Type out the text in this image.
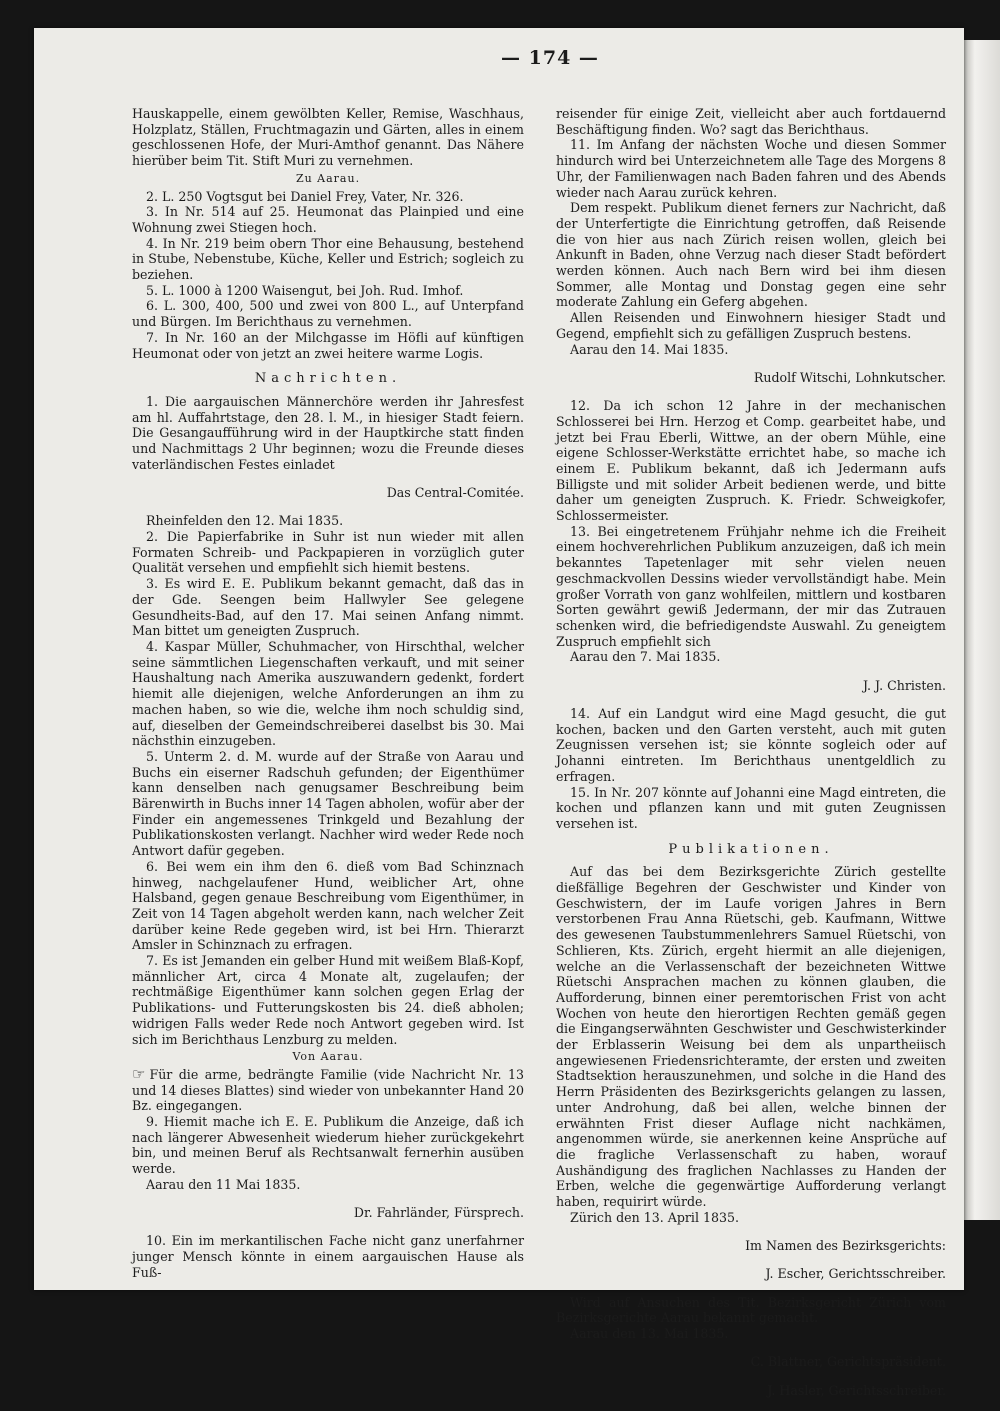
— 174 —

Hauskappelle, einem gewölbten Keller, Remise, Waschhaus, Holzplatz, Ställen, Fruchtmagazin und Gärten, alles in einem geschlossenen Hofe, der Muri-Amthof genannt. Das Nähere hierüber beim Tit. Stift Muri zu vernehmen.

Zu Aarau.

2. L. 250 Vogtsgut bei Daniel Frey, Vater, Nr. 326.

3. In Nr. 514 auf 25. Heumonat das Plainpied und eine Wohnung zwei Stiegen hoch.

4. In Nr. 219 beim obern Thor eine Behausung, bestehend in Stube, Nebenstube, Küche, Keller und Estrich; sogleich zu beziehen.

5. L. 1000 à 1200 Waisengut, bei Joh. Rud. Imhof.

6. L. 300, 400, 500 und zwei von 800 L., auf Unterpfand und Bürgen. Im Berichthaus zu vernehmen.

7. In Nr. 160 an der Milchgasse im Höfli auf künftigen Heumonat oder von jetzt an zwei heitere warme Logis.

Nachrichten.

1. Die aargauischen Männerchöre werden ihr Jahresfest am hl. Auffahrtstage, den 28. l. M., in hiesiger Stadt feiern. Die Gesangaufführung wird in der Hauptkirche statt finden und Nachmittags 2 Uhr beginnen; wozu die Freunde dieses vaterländischen Festes einladet

Das Central-Comitée.

Rheinfelden den 12. Mai 1835.

2. Die Papierfabrike in Suhr ist nun wieder mit allen Formaten Schreib- und Packpapieren in vorzüglich guter Qualität versehen und empfiehlt sich hiemit bestens.

3. Es wird E. E. Publikum bekannt gemacht, daß das in der Gde. Seengen beim Hallwyler See gelegene Gesundheits-Bad, auf den 17. Mai seinen Anfang nimmt. Man bittet um geneigten Zuspruch.

4. Kaspar Müller, Schuhmacher, von Hirschthal, welcher seine sämmtlichen Liegenschaften verkauft, und mit seiner Haushaltung nach Amerika auszuwandern gedenkt, fordert hiemit alle diejenigen, welche Anforderungen an ihm zu machen haben, so wie die, welche ihm noch schuldig sind, auf, dieselben der Gemeindschreiberei daselbst bis 30. Mai nächsthin einzugeben.

5. Unterm 2. d. M. wurde auf der Straße von Aarau und Buchs ein eiserner Radschuh gefunden; der Eigenthümer kann denselben nach genugsamer Beschreibung beim Bärenwirth in Buchs inner 14 Tagen abholen, wofür aber der Finder ein angemessenes Trinkgeld und Bezahlung der Publikationskosten verlangt. Nachher wird weder Rede noch Antwort dafür gegeben.

6. Bei wem ein ihm den 6. dieß vom Bad Schinznach hinweg, nachgelaufener Hund, weiblicher Art, ohne Halsband, gegen genaue Beschreibung vom Eigenthümer, in Zeit von 14 Tagen abgeholt werden kann, nach welcher Zeit darüber keine Rede gegeben wird, ist bei Hrn. Thierarzt Amsler in Schinznach zu erfragen.

7. Es ist Jemanden ein gelber Hund mit weißem Blaß-Kopf, männlicher Art, circa 4 Monate alt, zugelaufen; der rechtmäßige Eigenthümer kann solchen gegen Erlag der Publikations- und Futterungskosten bis 24. dieß abholen; widrigen Falls weder Rede noch Antwort gegeben wird. Ist sich im Berichthaus Lenzburg zu melden.

Von Aarau.

☞ Für die arme, bedrängte Familie (vide Nachricht Nr. 13 und 14 dieses Blattes) sind wieder von unbekannter Hand 20 Bz. eingegangen.

9. Hiemit mache ich E. E. Publikum die Anzeige, daß ich nach längerer Abwesenheit wiederum hieher zurückgekehrt bin, und meinen Beruf als Rechtsanwalt fernerhin ausüben werde.

Aarau den 11 Mai 1835.

Dr. Fahrländer, Fürsprech.

10. Ein im merkantilischen Fache nicht ganz unerfahrner junger Mensch könnte in einem aargauischen Hause als Fuß-

reisender für einige Zeit, vielleicht aber auch fortdauernd Beschäftigung finden. Wo? sagt das Berichthaus.

11. Im Anfang der nächsten Woche und diesen Sommer hindurch wird bei Unterzeichnetem alle Tage des Morgens 8 Uhr, der Familienwagen nach Baden fahren und des Abends wieder nach Aarau zurück kehren.

Dem respekt. Publikum dienet ferners zur Nachricht, daß der Unterfertigte die Einrichtung getroffen, daß Reisende die von hier aus nach Zürich reisen wollen, gleich bei Ankunft in Baden, ohne Verzug nach dieser Stadt befördert werden können. Auch nach Bern wird bei ihm diesen Sommer, alle Montag und Donstag gegen eine sehr moderate Zahlung ein Geferg abgehen.

Allen Reisenden und Einwohnern hiesiger Stadt und Gegend, empfiehlt sich zu gefälligen Zuspruch bestens.

Aarau den 14. Mai 1835.

Rudolf Witschi, Lohnkutscher.

12. Da ich schon 12 Jahre in der mechanischen Schlosserei bei Hrn. Herzog et Comp. gearbeitet habe, und jetzt bei Frau Eberli, Wittwe, an der obern Mühle, eine eigene Schlosser-Werkstätte errichtet habe, so mache ich einem E. Publikum bekannt, daß ich Jedermann aufs Billigste und mit solider Arbeit bedienen werde, und bitte daher um geneigten Zuspruch. K. Friedr. Schweigkofer, Schlossermeister.

13. Bei eingetretenem Frühjahr nehme ich die Freiheit einem hochverehrlichen Publikum anzuzeigen, daß ich mein bekanntes Tapetenlager mit sehr vielen neuen geschmackvollen Dessins wieder vervollständigt habe. Mein großer Vorrath von ganz wohlfeilen, mittlern und kostbaren Sorten gewährt gewiß Jedermann, der mir das Zutrauen schenken wird, die befriedigendste Auswahl. Zu geneigtem Zuspruch empfiehlt sich

Aarau den 7. Mai 1835.

J. J. Christen.

14. Auf ein Landgut wird eine Magd gesucht, die gut kochen, backen und den Garten versteht, auch mit guten Zeugnissen versehen ist; sie könnte sogleich oder auf Johanni eintreten. Im Berichthaus unentgeldlich zu erfragen.

15. In Nr. 207 könnte auf Johanni eine Magd eintreten, die kochen und pflanzen kann und mit guten Zeugnissen versehen ist.

Publikationen.

Auf das bei dem Bezirksgerichte Zürich gestellte dießfällige Begehren der Geschwister und Kinder von Geschwistern, der im Laufe vorigen Jahres in Bern verstorbenen Frau Anna Rüetschi, geb. Kaufmann, Wittwe des gewesenen Taubstummenlehrers Samuel Rüetschi, von Schlieren, Kts. Zürich, ergeht hiermit an alle diejenigen, welche an die Verlassenschaft der bezeichneten Wittwe Rüetschi Ansprachen machen zu können glauben, die Aufforderung, binnen einer peremtorischen Frist von acht Wochen von heute den hierortigen Rechten gemäß gegen die Eingangserwähnten Geschwister und Geschwisterkinder der Erblasserin Weisung bei dem als unpartheiisch angewiesenen Friedensrichteramte, der ersten und zweiten Stadtsektion herauszunehmen, und solche in die Hand des Herrn Präsidenten des Bezirksgerichts gelangen zu lassen, unter Androhung, daß bei allen, welche binnen der erwähnten Frist dieser Auflage nicht nachkämen, angenommen würde, sie anerkennen keine Ansprüche auf die fragliche Verlassenschaft zu haben, worauf Aushändigung des fraglichen Nachlasses zu Handen der Erben, welche die gegenwärtige Aufforderung verlangt haben, requirirt würde.

Zürich den 13. April 1835.

Im Namen des Bezirksgerichts:

J. Escher, Gerichtsschreiber.

Wird auf Ansuchen des Tit. Bezirksgericht Zürich vom Bezirksgerichte Aarau bekannt gemacht.

Aarau den 13. Mai 1835.

C. Blattner, Gerichtspräsident.

J. Hasler, Gerichtsschreiber.
